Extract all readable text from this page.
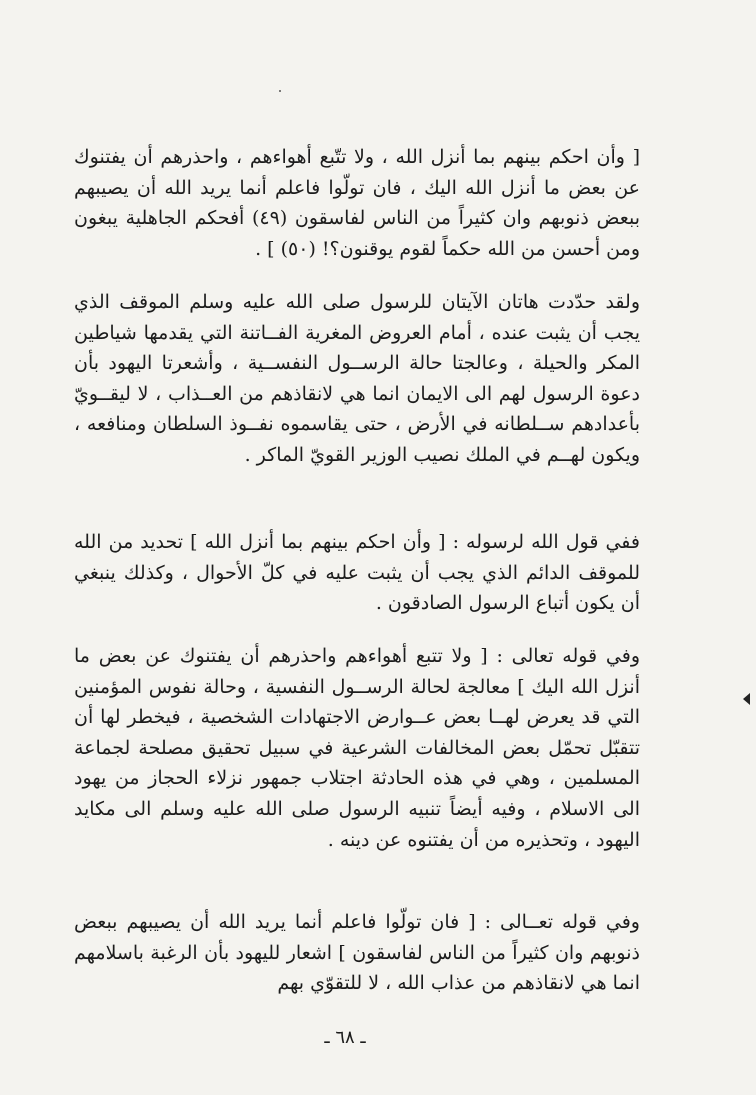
[ وأن احكم بينهم بما أنزل الله ، ولا تتّبع أهواءهم ، واحذرهم أن يفتنوك عن بعض ما أنزل الله اليك ، فان تولّوا فاعلم أنما يريد الله أن يصيبهم ببعض ذنوبهم وان كثيراً من الناس لفاسقون (٤٩) أفحكم الجاهلية يبغون ومن أحسن من الله حكماً لقوم يوقنون؟! (٥٠) ] .

ولقد حدّدت هاتان الآيتان للرسول صلى الله عليه وسلم الموقف الذي يجب أن يثبت عنده ، أمام العروض المغرية الفــاتنة التي يقدمها شياطين المكر والحيلة ، وعالجتا حالة الرســول النفســية ، وأشعرتا اليهود بأن دعوة الرسول لهم الى الايمان انما هي لانقاذهم من العــذاب ، لا ليقــويّ بأعدادهم ســلطانه في الأرض ، حتى يقاسموه نفــوذ السلطان ومنافعه ، ويكون لهــم في الملك نصيب الوزير القويّ الماكر .

ففي قول الله لرسوله : [ وأن احكم بينهم بما أنزل الله ] تحديد من الله للموقف الدائم الذي يجب أن يثبت عليه في كلّ الأحوال ، وكذلك ينبغي أن يكون أتباع الرسول الصادقون .

وفي قوله تعالى : [ ولا تتبع أهواءهم واحذرهم أن يفتنوك عن بعض ما أنزل الله اليك ] معالجة لحالة الرســول النفسية ، وحالة نفوس المؤمنين التي قد يعرض لهــا بعض عــوارض الاجتهادات الشخصية ، فيخطر لها أن تتقبّل تحمّل بعض المخالفات الشرعية في سبيل تحقيق مصلحة لجماعة المسلمين ، وهي في هذه الحادثة اجتلاب جمهور نزلاء الحجاز من يهود الى الاسلام ، وفيه أيضاً تنبيه الرسول صلى الله عليه وسلم الى مكايد اليهود ، وتحذيره من أن يفتنوه عن دينه .

وفي قوله تعــالى : [ فان تولّوا فاعلم أنما يريد الله أن يصيبهم ببعض ذنوبهم وان كثيراً من الناس لفاسقون ] اشعار لليهود بأن الرغبة باسلامهم انما هي لانقاذهم من عذاب الله ، لا للتقوّي بهم

ـ ٦٨ ـ
